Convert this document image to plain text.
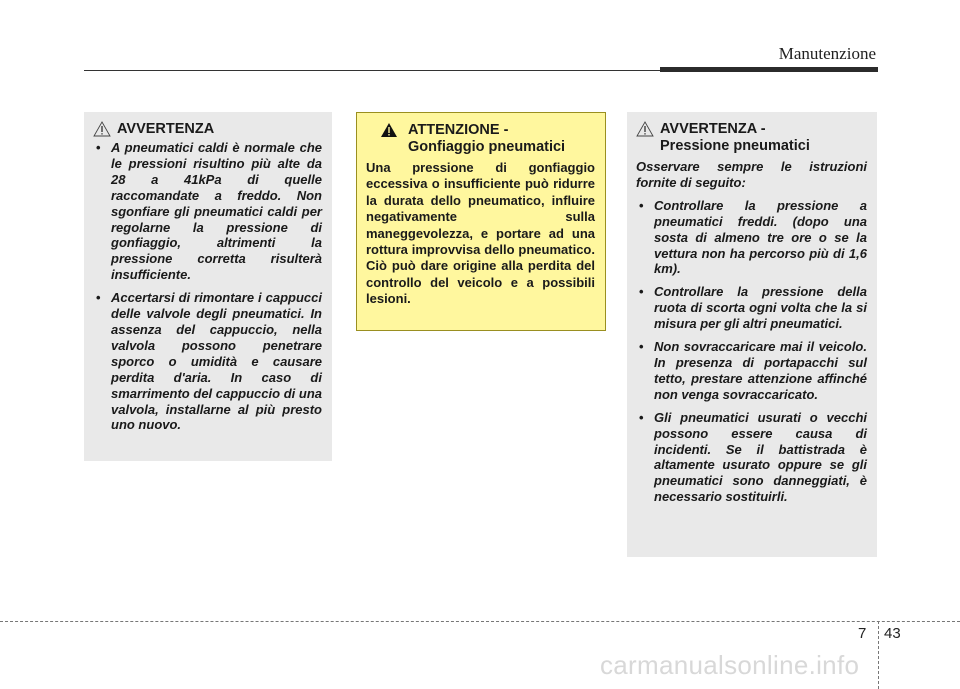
Manutenzione
AVVERTENZA
• A pneumatici caldi è normale che le pressioni risultino più alte da 28 a 41kPa di quelle raccomandate a freddo. Non sgonfiare gli pneumatici caldi per regolarne la pressione di gonfiaggio, altrimenti la pressione corretta risulterà insufficiente.
• Accertarsi di rimontare i cappucci delle valvole degli pneumatici. In assenza del cappuccio, nella valvola possono penetrare sporco o umidità e causare perdita d'aria. In caso di smarrimento del cappuccio di una valvola, installarne al più presto uno nuovo.
ATTENZIONE -
Gonfiaggio pneumatici
Una pressione di gonfiaggio eccessiva o insufficiente può ridurre la durata dello pneumatico, influire negativamente sulla maneggevolezza, e portare ad una rottura improvvisa dello pneumatico. Ciò può dare origine alla perdita del controllo del veicolo e a possibili lesioni.
AVVERTENZA -
Pressione pneumatici
Osservare sempre le istruzioni fornite di seguito:
• Controllare la pressione a pneumatici freddi. (dopo una sosta di almeno tre ore o se la vettura non ha percorso più di 1,6 km).
• Controllare la pressione della ruota di scorta ogni volta che la si misura per gli altri pneumatici.
• Non sovraccaricare mai il veicolo. In presenza di portapacchi sul tetto, prestare attenzione affinché non venga sovraccaricato.
• Gli pneumatici usurati o vecchi possono essere causa di incidenti. Se il battistrada è altamente usurato oppure se gli pneumatici sono danneggiati, è necessario sostituirli.
7 43
carmanualsonline.info
